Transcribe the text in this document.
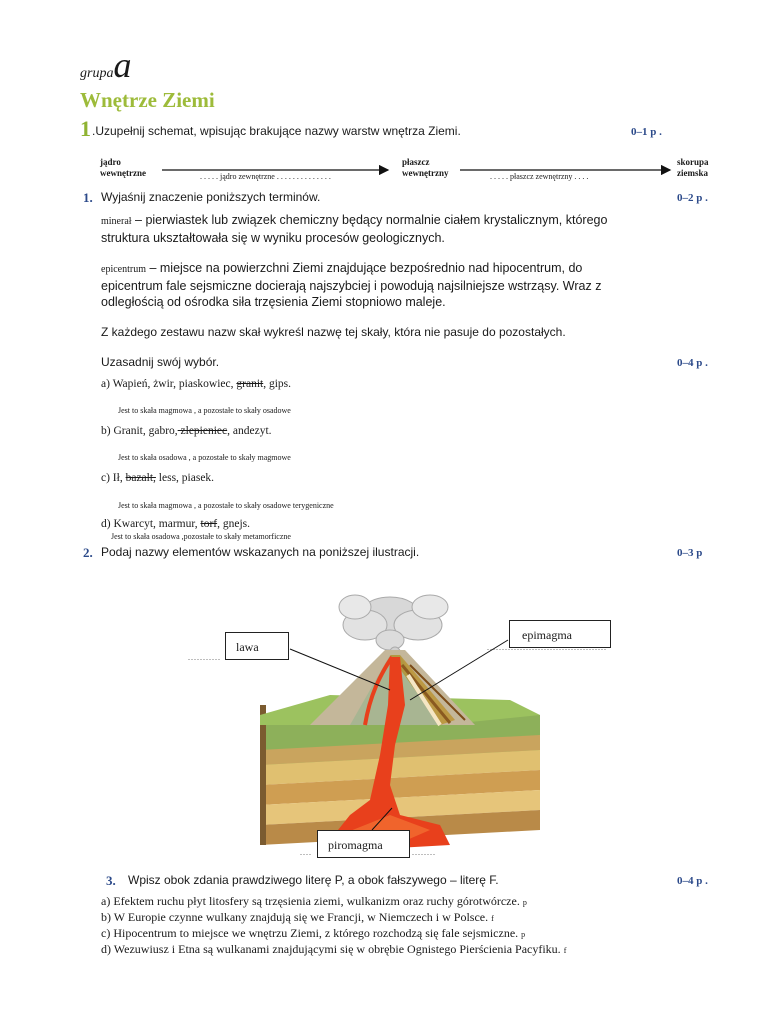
grupaa
Wnętrze Ziemi
1 .Uzupełnij schemat, wpisując brakujące nazwy warstw wnętrza Ziemi.	0–1 p .
jądro
wewnętrzne	. . . . . jądro zewnętrzne . . . . . . . . . . . . . .
płaszcz
wewnętrzny	. . . . . płaszcz zewnętrzny . . . .
skorupa
ziemska
1. Wyjaśnij znaczenie poniższych terminów.	0–2 p .
minerał – pierwiastek lub związek chemiczny będący normalnie ciałem krystalicznym, którego
struktura ukształtowała się w wyniku procesów geologicznych.
epicentrum – miejsce na powierzchni Ziemi znajdujące bezpośrednio nad hipocentrum, do
epicentrum fale sejsmiczne docierają najszybciej i powodują najsilniejsze wstrząsy. Wraz z
odległością od ośrodka siła trzęsienia Ziemi stopniowo maleje.
Z każdego zestawu nazw skał wykreśl nazwę tej skały, która nie pasuje do pozostałych.
Uzasadnij swój wybór.	0–4 p .
a) Wapień, żwir, piaskowiec, granit, gips.
Jest to skała magmowa , a pozostałe to skały osadowe
b) Granit, gabro, zlepieniec, andezyt.
Jest to skała osadowa , a pozostałe to skały magmowe
c) Ił, bazalt, less, piasek.
Jest to skała magmowa , a pozostałe to skały osadowe terygeniczne
d) Kwarcyt, marmur, torf, gnejs.
Jest to skała osadowa ,pozostałe to skały metamorficzne
2. Podaj nazwy elementów wskazanych na poniższej ilustracji.	0–3 p
...........
lawa
epimagma
........................................
piromagma
....	........
3. Wpisz obok zdania prawdziwego literę P, a obok fałszywego – literę F.	0–4 p .
a) Efektem ruchu płyt litosfery są trzęsienia ziemi, wulkanizm oraz ruchy górotwórcze. p
b) W Europie czynne wulkany znajdują się we Francji, w Niemczech i w Polsce. f
c) Hipocentrum to miejsce we wnętrzu Ziemi, z którego rozchodzą się fale sejsmiczne. p
d) Wezuwiusz i Etna są wulkanami znajdującymi się w obrębie Ognistego Pierścienia Pacyfiku. f
